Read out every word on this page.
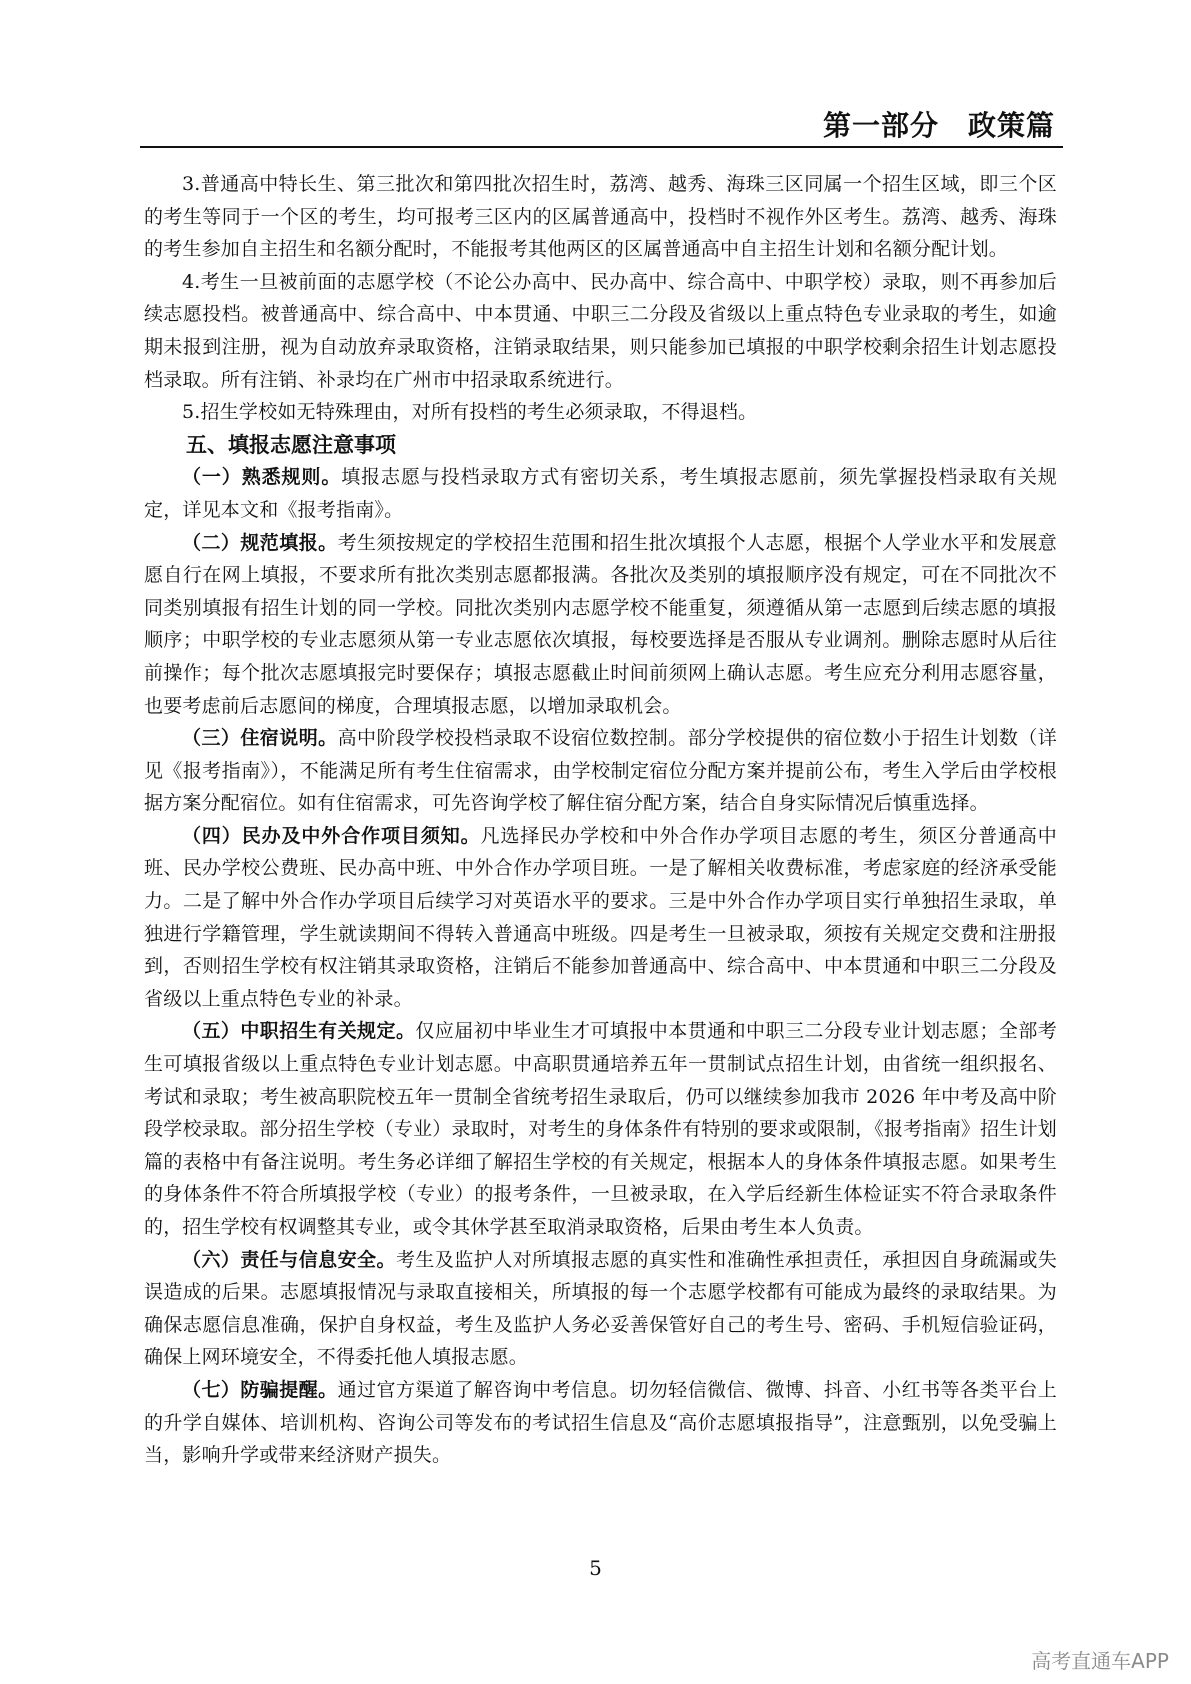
第一部分　政策篇

3.普通高中特长生、第三批次和第四批次招生时，荔湾、越秀、海珠三区同属一个招生区域，即三个区的考生等同于一个区的考生，均可报考三区内的区属普通高中，投档时不视作外区考生。荔湾、越秀、海珠的考生参加自主招生和名额分配时，不能报考其他两区的区属普通高中自主招生计划和名额分配计划。

4.考生一旦被前面的志愿学校（不论公办高中、民办高中、综合高中、中职学校）录取，则不再参加后续志愿投档。被普通高中、综合高中、中本贯通、中职三二分段及省级以上重点特色专业录取的考生，如逾期未报到注册，视为自动放弃录取资格，注销录取结果，则只能参加已填报的中职学校剩余招生计划志愿投档录取。所有注销、补录均在广州市中招录取系统进行。

5.招生学校如无特殊理由，对所有投档的考生必须录取，不得退档。

五、填报志愿注意事项

（一）熟悉规则。填报志愿与投档录取方式有密切关系，考生填报志愿前，须先掌握投档录取有关规定，详见本文和《报考指南》。

（二）规范填报。考生须按规定的学校招生范围和招生批次填报个人志愿，根据个人学业水平和发展意愿自行在网上填报，不要求所有批次类别志愿都报满。各批次及类别的填报顺序没有规定，可在不同批次不同类别填报有招生计划的同一学校。同批次类别内志愿学校不能重复，须遵循从第一志愿到后续志愿的填报顺序；中职学校的专业志愿须从第一专业志愿依次填报，每校要选择是否服从专业调剂。删除志愿时从后往前操作；每个批次志愿填报完时要保存；填报志愿截止时间前须网上确认志愿。考生应充分利用志愿容量，也要考虑前后志愿间的梯度，合理填报志愿，以增加录取机会。

（三）住宿说明。高中阶段学校投档录取不设宿位数控制。部分学校提供的宿位数小于招生计划数（详见《报考指南》），不能满足所有考生住宿需求，由学校制定宿位分配方案并提前公布，考生入学后由学校根据方案分配宿位。如有住宿需求，可先咨询学校了解住宿分配方案，结合自身实际情况后慎重选择。

（四）民办及中外合作项目须知。凡选择民办学校和中外合作办学项目志愿的考生，须区分普通高中班、民办学校公费班、民办高中班、中外合作办学项目班。一是了解相关收费标准，考虑家庭的经济承受能力。二是了解中外合作办学项目后续学习对英语水平的要求。三是中外合作办学项目实行单独招生录取，单独进行学籍管理，学生就读期间不得转入普通高中班级。四是考生一旦被录取，须按有关规定交费和注册报到，否则招生学校有权注销其录取资格，注销后不能参加普通高中、综合高中、中本贯通和中职三二分段及省级以上重点特色专业的补录。

（五）中职招生有关规定。仅应届初中毕业生才可填报中本贯通和中职三二分段专业计划志愿；全部考生可填报省级以上重点特色专业计划志愿。中高职贯通培养五年一贯制试点招生计划，由省统一组织报名、考试和录取；考生被高职院校五年一贯制全省统考招生录取后，仍可以继续参加我市 2026 年中考及高中阶段学校录取。部分招生学校（专业）录取时，对考生的身体条件有特别的要求或限制，《报考指南》招生计划篇的表格中有备注说明。考生务必详细了解招生学校的有关规定，根据本人的身体条件填报志愿。如果考生的身体条件不符合所填报学校（专业）的报考条件，一旦被录取，在入学后经新生体检证实不符合录取条件的，招生学校有权调整其专业，或令其休学甚至取消录取资格，后果由考生本人负责。

（六）责任与信息安全。考生及监护人对所填报志愿的真实性和准确性承担责任，承担因自身疏漏或失误造成的后果。志愿填报情况与录取直接相关，所填报的每一个志愿学校都有可能成为最终的录取结果。为确保志愿信息准确，保护自身权益，考生及监护人务必妥善保管好自己的考生号、密码、手机短信验证码，确保上网环境安全，不得委托他人填报志愿。

（七）防骗提醒。通过官方渠道了解咨询中考信息。切勿轻信微信、微博、抖音、小红书等各类平台上的升学自媒体、培训机构、咨询公司等发布的考试招生信息及“高价志愿填报指导”，注意甄别，以免受骗上当，影响升学或带来经济财产损失。

5
高考直通车APP
